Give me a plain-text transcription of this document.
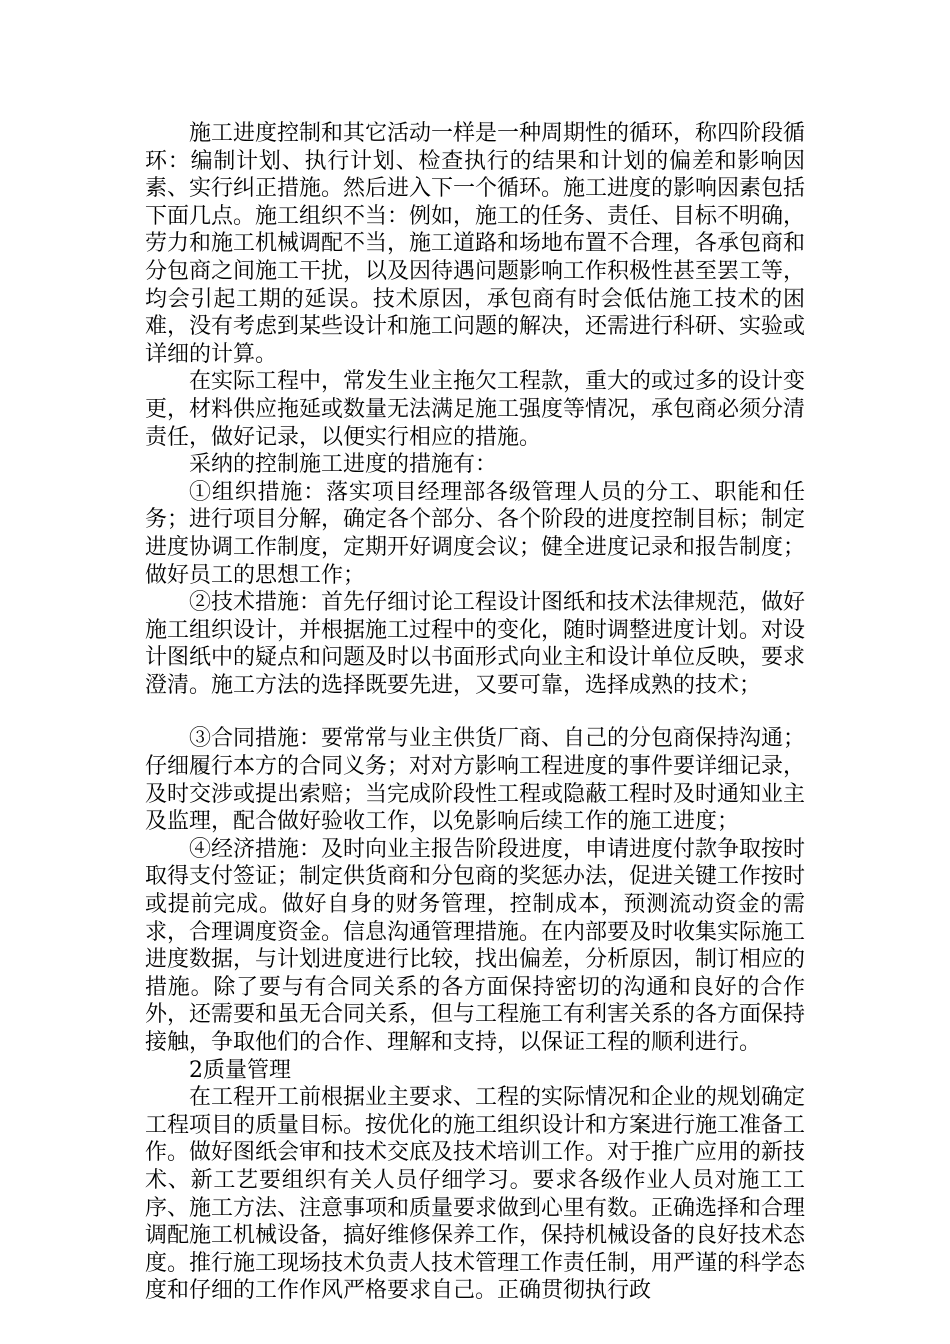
施工进度控制和其它活动一样是一种周期性的循环，称四阶段循环：编制计划、执行计划、检查执行的结果和计划的偏差和影响因素、实行纠正措施。然后进入下一个循环。施工进度的影响因素包括下面几点。施工组织不当：例如，施工的任务、责任、目标不明确，劳力和施工机械调配不当，施工道路和场地布置不合理，各承包商和分包商之间施工干扰，以及因待遇问题影响工作积极性甚至罢工等，均会引起工期的延误。技术原因，承包商有时会低估施工技术的困难，没有考虑到某些设计和施工问题的解决，还需进行科研、实验或详细的计算。

在实际工程中，常发生业主拖欠工程款，重大的或过多的设计变更，材料供应拖延或数量无法满足施工强度等情况，承包商必须分清责任，做好记录，以便实行相应的措施。

采纳的控制施工进度的措施有：

①组织措施：落实项目经理部各级管理人员的分工、职能和任务；进行项目分解，确定各个部分、各个阶段的进度控制目标；制定进度协调工作制度，定期开好调度会议；健全进度记录和报告制度；做好员工的思想工作；

②技术措施：首先仔细讨论工程设计图纸和技术法律规范，做好施工组织设计，并根据施工过程中的变化，随时调整进度计划。对设计图纸中的疑点和问题及时以书面形式向业主和设计单位反映，要求澄清。施工方法的选择既要先进，又要可靠，选择成熟的技术；

③合同措施：要常常与业主供货厂商、自己的分包商保持沟通；仔细履行本方的合同义务；对对方影响工程进度的事件要详细记录，及时交涉或提出索赔；当完成阶段性工程或隐蔽工程时及时通知业主及监理，配合做好验收工作，以免影响后续工作的施工进度；

④经济措施：及时向业主报告阶段进度，申请进度付款争取按时取得支付签证；制定供货商和分包商的奖惩办法，促进关键工作按时或提前完成。做好自身的财务管理，控制成本，预测流动资金的需求，合理调度资金。信息沟通管理措施。在内部要及时收集实际施工进度数据，与计划进度进行比较，找出偏差，分析原因，制订相应的措施。除了要与有合同关系的各方面保持密切的沟通和良好的合作外，还需要和虽无合同关系，但与工程施工有利害关系的各方面保持接触，争取他们的合作、理解和支持，以保证工程的顺利进行。

2质量管理

在工程开工前根据业主要求、工程的实际情况和企业的规划确定工程项目的质量目标。按优化的施工组织设计和方案进行施工准备工作。做好图纸会审和技术交底及技术培训工作。对于推广应用的新技术、新工艺要组织有关人员仔细学习。要求各级作业人员对施工工序、施工方法、注意事项和质量要求做到心里有数。正确选择和合理调配施工机械设备，搞好维修保养工作，保持机械设备的良好技术态度。推行施工现场技术负责人技术管理工作责任制，用严谨的科学态度和仔细的工作作风严格要求自己。正确贯彻执行政
